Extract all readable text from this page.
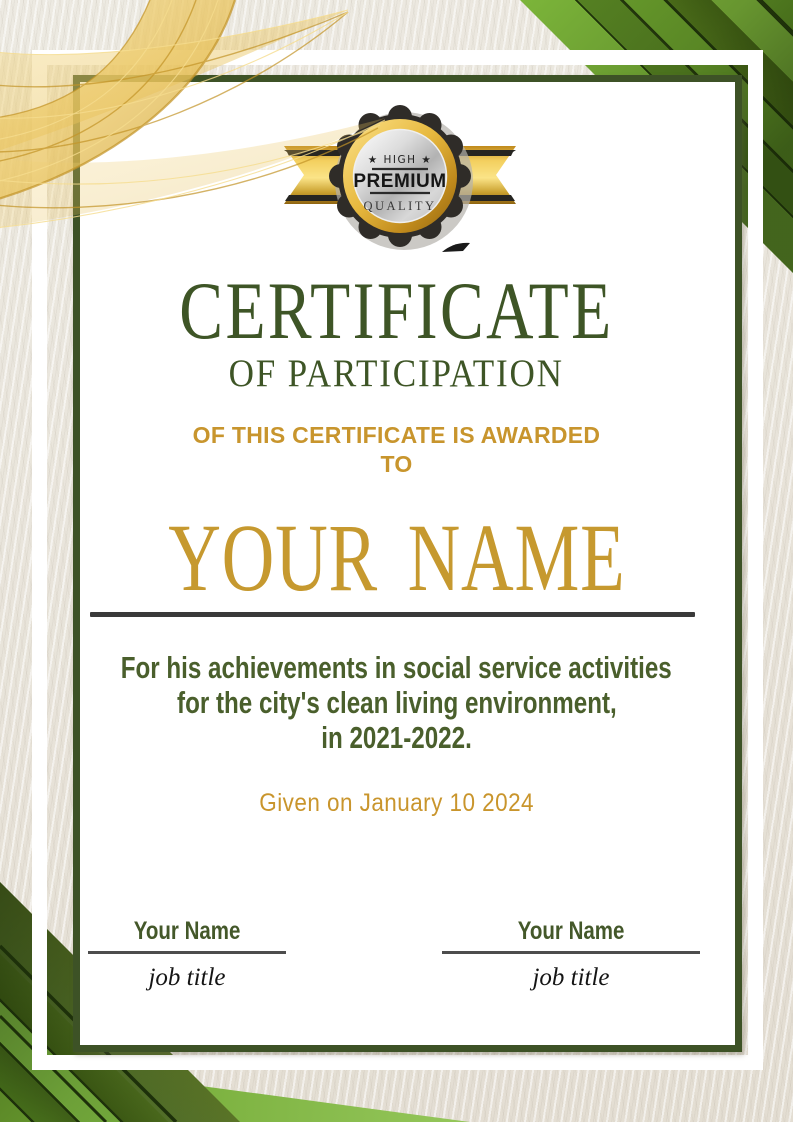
★ HIGH ★
PREMIUM
QUALITY
CERTIFICATE
OF PARTICIPATION
OF THIS CERTIFICATE IS AWARDED
TO
YOUR NAME
For his achievements in social service activities
for the city's clean living environment,
in 2021-2022.
Given on January 10 2024
Your Name
job title
Your Name
job title
